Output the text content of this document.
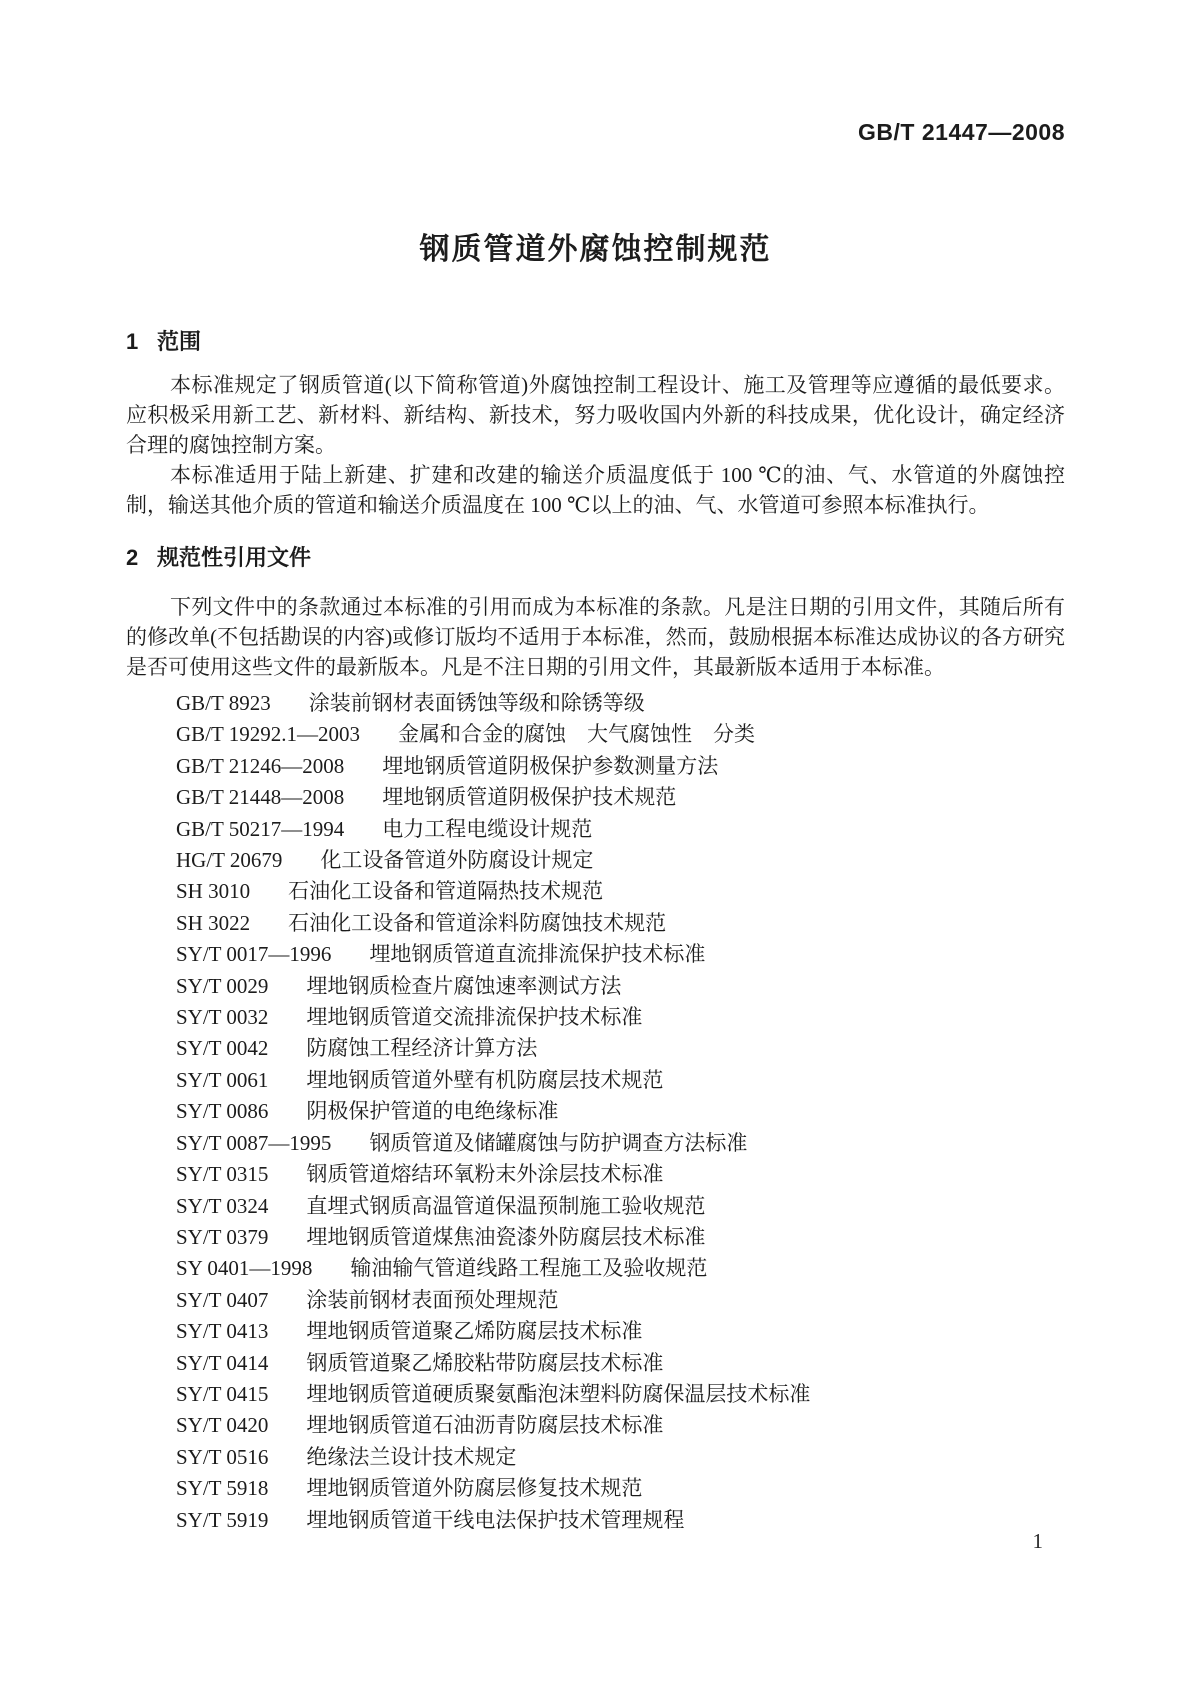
GB/T 21447—2008
钢质管道外腐蚀控制规范
1 范围

本标准规定了钢质管道(以下简称管道)外腐蚀控制工程设计、施工及管理等应遵循的最低要求。应积极采用新工艺、新材料、新结构、新技术，努力吸收国内外新的科技成果，优化设计，确定经济合理的腐蚀控制方案。

本标准适用于陆上新建、扩建和改建的输送介质温度低于 100 ℃的油、气、水管道的外腐蚀控制，输送其他介质的管道和输送介质温度在 100 ℃以上的油、气、水管道可参照本标准执行。

2 规范性引用文件

下列文件中的条款通过本标准的引用而成为本标准的条款。凡是注日期的引用文件，其随后所有的修改单(不包括勘误的内容)或修订版均不适用于本标准，然而，鼓励根据本标准达成协议的各方研究是否可使用这些文件的最新版本。凡是不注日期的引用文件，其最新版本适用于本标准。

GB/T 8923 涂装前钢材表面锈蚀等级和除锈等级
GB/T 19292.1—2003 金属和合金的腐蚀　大气腐蚀性　分类
GB/T 21246—2008 埋地钢质管道阴极保护参数测量方法
GB/T 21448—2008 埋地钢质管道阴极保护技术规范
GB/T 50217—1994 电力工程电缆设计规范
HG/T 20679 化工设备管道外防腐设计规定
SH 3010 石油化工设备和管道隔热技术规范
SH 3022 石油化工设备和管道涂料防腐蚀技术规范
SY/T 0017—1996 埋地钢质管道直流排流保护技术标准
SY/T 0029 埋地钢质检查片腐蚀速率测试方法
SY/T 0032 埋地钢质管道交流排流保护技术标准
SY/T 0042 防腐蚀工程经济计算方法
SY/T 0061 埋地钢质管道外壁有机防腐层技术规范
SY/T 0086 阴极保护管道的电绝缘标准
SY/T 0087—1995 钢质管道及储罐腐蚀与防护调查方法标准
SY/T 0315 钢质管道熔结环氧粉末外涂层技术标准
SY/T 0324 直埋式钢质高温管道保温预制施工验收规范
SY/T 0379 埋地钢质管道煤焦油瓷漆外防腐层技术标准
SY 0401—1998 输油输气管道线路工程施工及验收规范
SY/T 0407 涂装前钢材表面预处理规范
SY/T 0413 埋地钢质管道聚乙烯防腐层技术标准
SY/T 0414 钢质管道聚乙烯胶粘带防腐层技术标准
SY/T 0415 埋地钢质管道硬质聚氨酯泡沫塑料防腐保温层技术标准
SY/T 0420 埋地钢质管道石油沥青防腐层技术标准
SY/T 0516 绝缘法兰设计技术规定
SY/T 5918 埋地钢质管道外防腐层修复技术规范
SY/T 5919 埋地钢质管道干线电法保护技术管理规程
1
